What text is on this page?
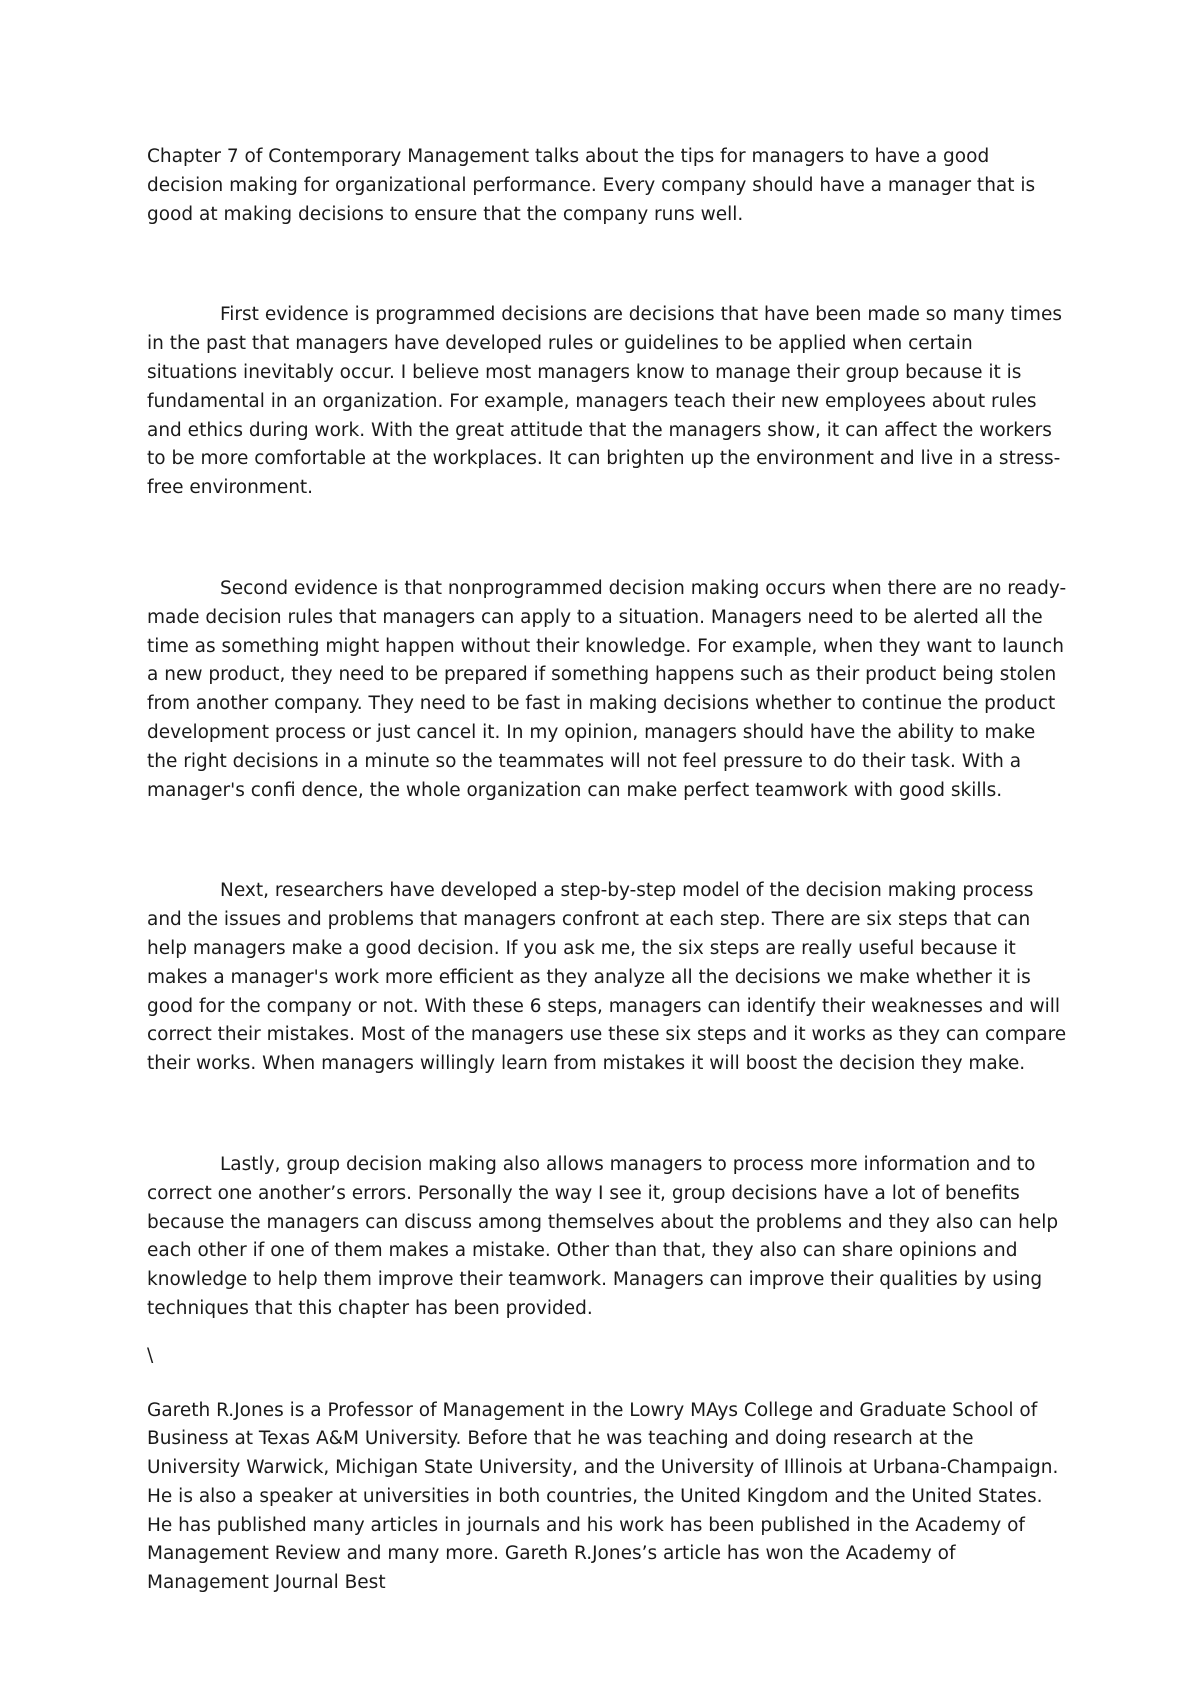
Chapter 7 of Contemporary Management talks about the tips for managers to have a good decision making for organizational performance. Every company should have a manager that is good at making decisions to ensure that the company runs well.

First evidence is programmed decisions are decisions that have been made so many times in the past that managers have developed rules or guidelines to be applied when certain situations inevitably occur. I believe most managers know to manage their group because it is fundamental in an organization. For example, managers teach their new employees about rules and ethics during work. With the great attitude that the managers show, it can affect the workers to be more comfortable at the workplaces. It can brighten up the environment and live in a stress-free environment.

Second evidence is that nonprogrammed decision making occurs when there are no ready-made decision rules that managers can apply to a situation. Managers need to be alerted all the time as something might happen without their knowledge. For example, when they want to launch a new product, they need to be prepared if something happens such as their product being stolen from another company. They need to be fast in making decisions whether to continue the product development process or just cancel it. In my opinion, managers should have the ability to make the right decisions in a minute so the teammates will not feel pressure to do their task. With a manager's confi dence, the whole organization can make perfect teamwork with good skills.

Next, researchers have developed a step-by-step model of the decision making process and the issues and problems that managers confront at each step. There are six steps that can help managers make a good decision. If you ask me, the six steps are really useful because it makes a manager's work more efficient as they analyze all the decisions we make whether it is good for the company or not. With these 6 steps, managers can identify their weaknesses and will correct their mistakes. Most of the managers use these six steps and it works as they can compare their works. When managers willingly learn from mistakes it will boost the decision they make.

Lastly, group decision making also allows managers to process more information and to correct one another’s errors. Personally the way I see it, group decisions have a lot of benefits because the managers can discuss among themselves about the problems and they also can help each other if one of them makes a mistake. Other than that, they also can share opinions and knowledge to help them improve their teamwork. Managers can improve their qualities by using techniques that this chapter has been provided.

\

Gareth R.Jones is a Professor of Management in the Lowry MAys College and Graduate School of Business at Texas A&M University. Before that he was teaching and doing research at the University Warwick, Michigan State University, and the University of Illinois at Urbana-Champaign. He is also a speaker at universities in both countries, the United Kingdom and the United States. He has published many articles in journals and his work has been published in the Academy of Management Review and many more. Gareth R.Jones’s article has won the Academy of Management Journal Best
